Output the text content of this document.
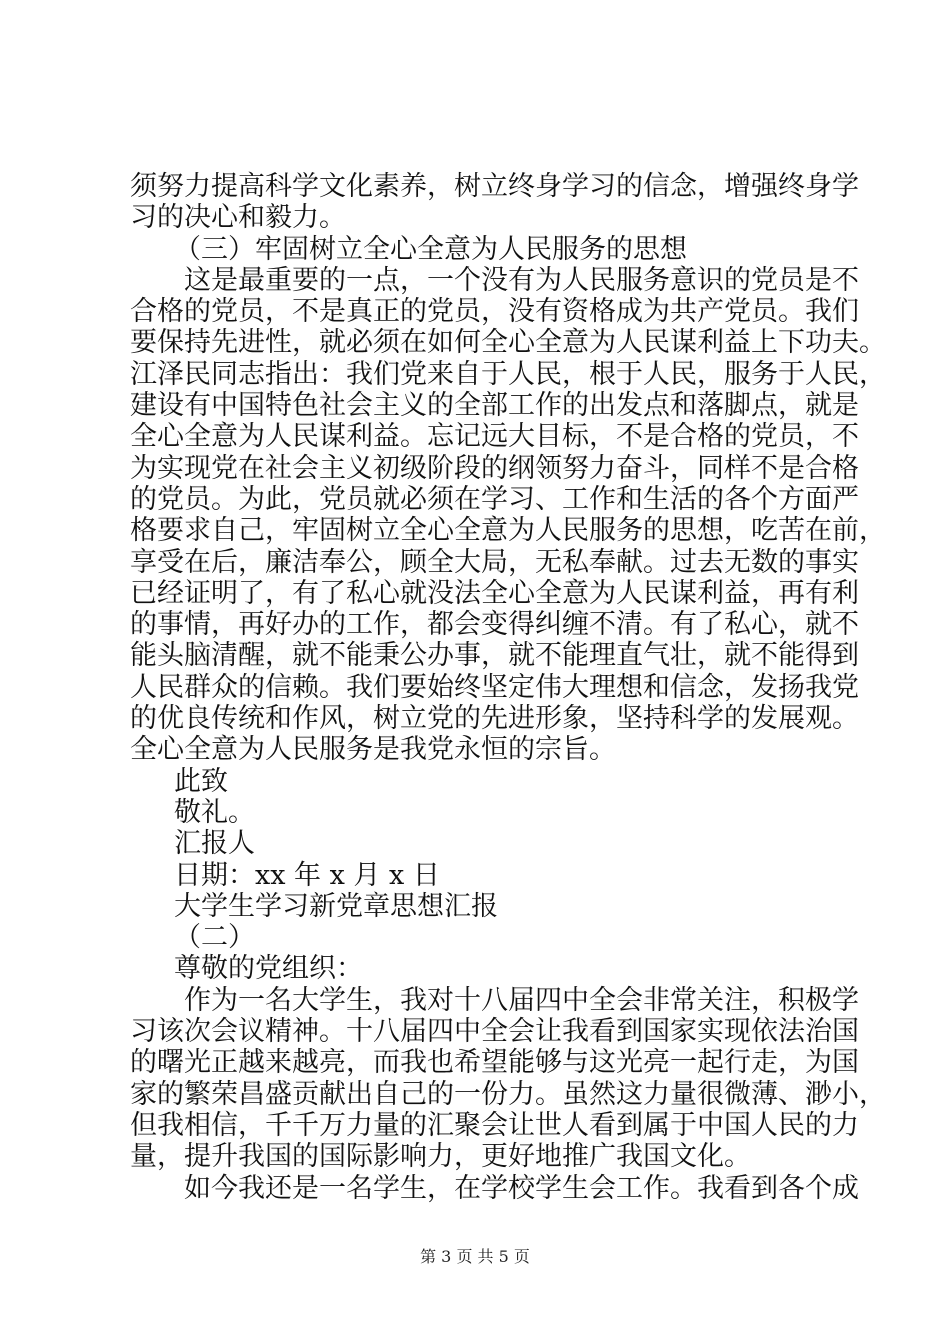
须努力提高科学文化素养，树立终身学习的信念，增强终身学
习的决心和毅力。
（三）牢固树立全心全意为人民服务的思想
这是最重要的一点，一个没有为人民服务意识的党员是不
合格的党员，不是真正的党员，没有资格成为共产党员。我们
要保持先进性，就必须在如何全心全意为人民谋利益上下功夫。
江泽民同志指出：我们党来自于人民，根于人民，服务于人民，
建设有中国特色社会主义的全部工作的出发点和落脚点，就是
全心全意为人民谋利益。忘记远大目标，不是合格的党员，不
为实现党在社会主义初级阶段的纲领努力奋斗，同样不是合格
的党员。为此，党员就必须在学习、工作和生活的各个方面严
格要求自己，牢固树立全心全意为人民服务的思想，吃苦在前，
享受在后，廉洁奉公，顾全大局，无私奉献。过去无数的事实
已经证明了，有了私心就没法全心全意为人民谋利益，再有利
的事情，再好办的工作，都会变得纠缠不清。有了私心，就不
能头脑清醒，就不能秉公办事，就不能理直气壮，就不能得到
人民群众的信赖。我们要始终坚定伟大理想和信念，发扬我党
的优良传统和作风，树立党的先进形象，坚持科学的发展观。
全心全意为人民服务是我党永恒的宗旨。
此致
敬礼。
汇报人
日期：xx 年 x 月 x 日
大学生学习新党章思想汇报
（二）
尊敬的党组织：
作为一名大学生，我对十八届四中全会非常关注，积极学
习该次会议精神。十八届四中全会让我看到国家实现依法治国
的曙光正越来越亮，而我也希望能够与这光亮一起行走，为国
家的繁荣昌盛贡献出自己的一份力。虽然这力量很微薄、渺小，
但我相信，千千万力量的汇聚会让世人看到属于中国人民的力
量，提升我国的国际影响力，更好地推广我国文化。
如今我还是一名学生，在学校学生会工作。我看到各个成
第 3 页 共 5 页
